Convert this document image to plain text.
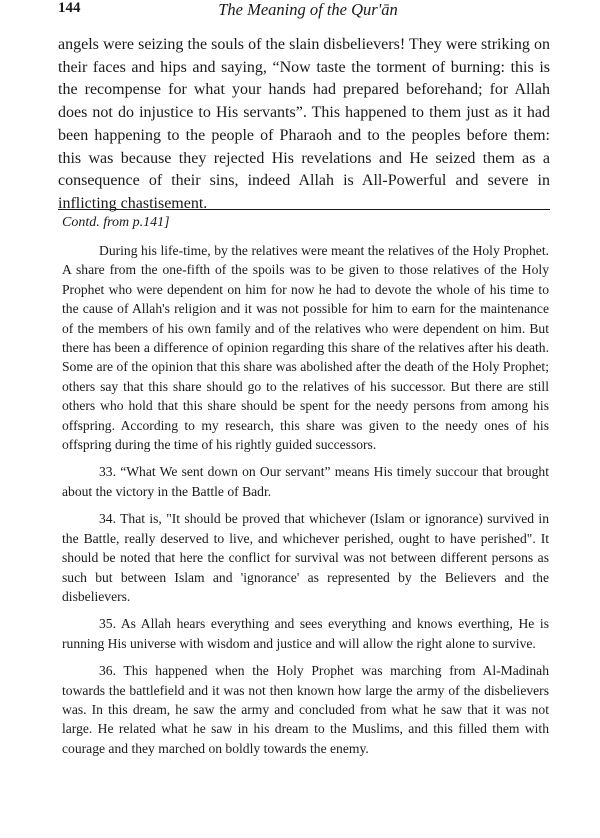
144	The Meaning of the Qur'ān

angels were seizing the souls of the slain disbelievers! They were striking on their faces and hips and saying, “Now taste the torment of burning: this is the recompense for what your hands had prepared beforehand; for Allah does not do injustice to His servants”. This happened to them just as it had been happening to the people of Pharaoh and to the peoples before them: this was because they rejected His revelations and He seized them as a consequence of their sins, indeed Allah is All-Powerful and severe in inflicting chastisement.

Contd. from p.141]

During his life-time, by the relatives were meant the relatives of the Holy Prophet. A share from the one-fifth of the spoils was to be given to those relatives of the Holy Prophet who were dependent on him for now he had to devote the whole of his time to the cause of Allah's religion and it was not possible for him to earn for the maintenance of the members of his own family and of the relatives who were dependent on him. But there has been a difference of opinion regarding this share of the relatives after his death. Some are of the opinion that this share was abolished after the death of the Holy Prophet; others say that this share should go to the relatives of his successor. But there are still others who hold that this share should be spent for the needy persons from among his offspring. According to my research, this share was given to the needy ones of his offspring during the time of his rightly guided successors.

33. “What We sent down on Our servant” means His timely succour that brought about the victory in the Battle of Badr.

34. That is, "It should be proved that whichever (Islam or ignorance) survived in the Battle, really deserved to live, and whichever perished, ought to have perished". It should be noted that here the conflict for survival was not between different persons as such but between Islam and 'ignorance' as represented by the Believers and the disbelievers.

35. As Allah hears everything and sees everything and knows everthing, He is running His universe with wisdom and justice and will allow the right alone to survive.

36. This happened when the Holy Prophet was marching from Al-Madinah towards the battlefield and it was not then known how large the army of the disbelievers was. In this dream, he saw the army and concluded from what he saw that it was not large. He related what he saw in his dream to the Muslims, and this filled them with courage and they marched on boldly towards the enemy.
